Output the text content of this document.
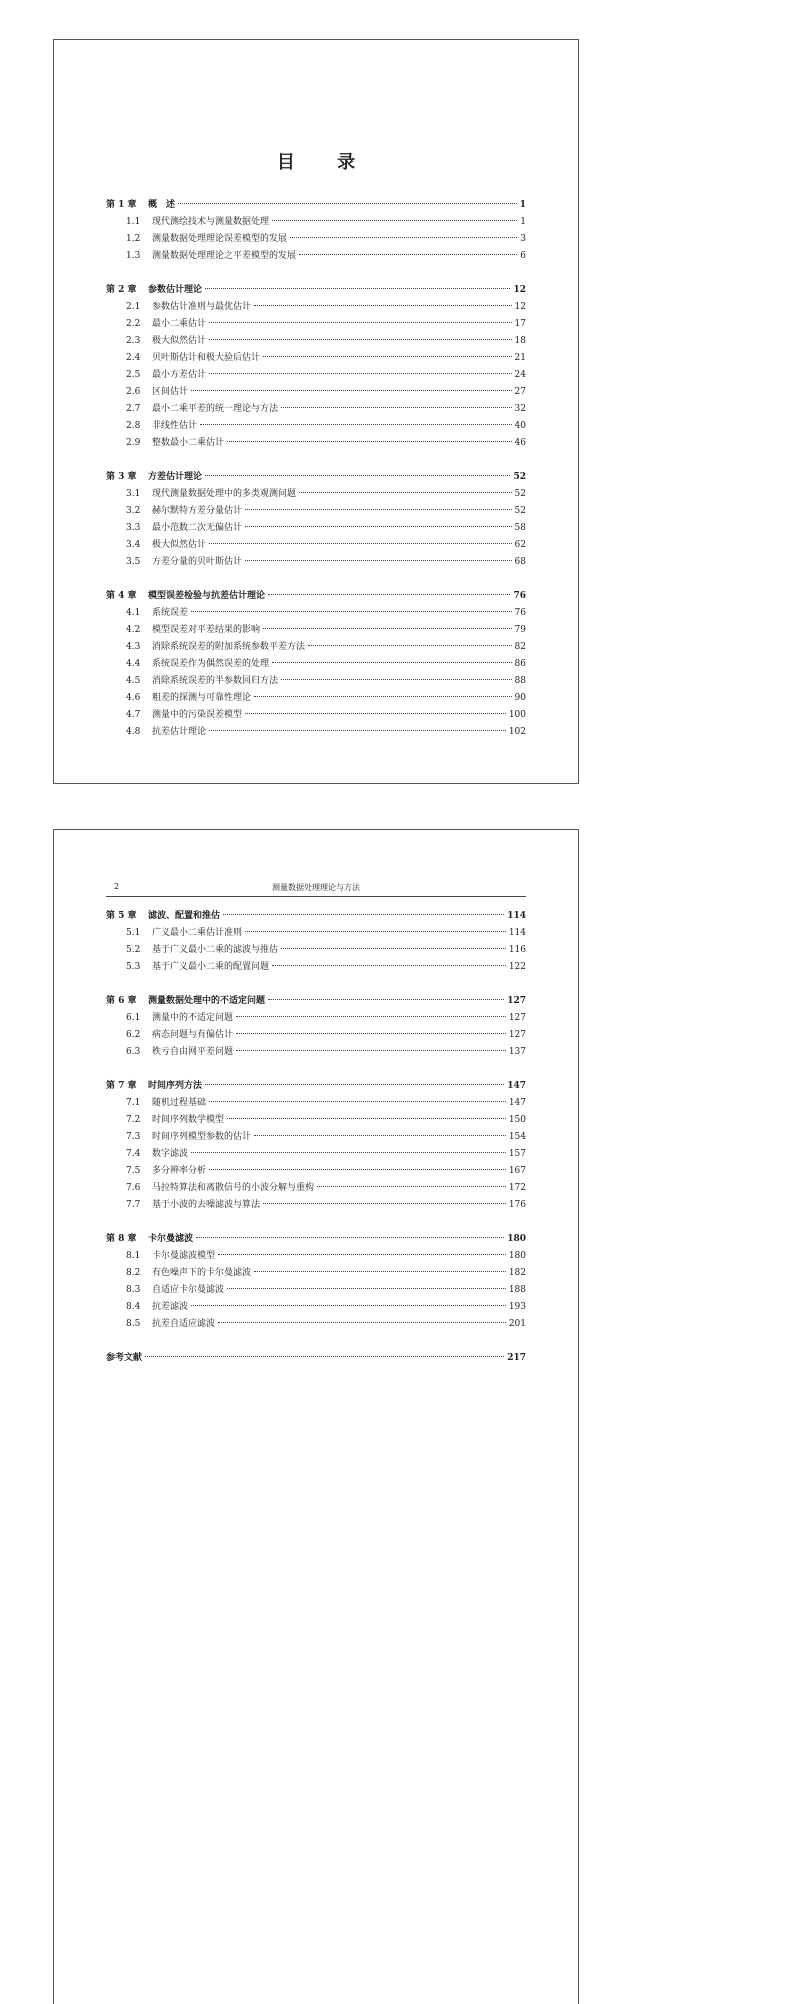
目 录
第 1 章	概　述	1
1.1	现代测绘技术与测量数据处理	1
1.2	测量数据处理理论误差模型的发展	3
1.3	测量数据处理理论之平差模型的发展	6
第 2 章	参数估计理论	12
2.1	参数估计准则与最优估计	12
2.2	最小二乘估计	17
2.3	极大似然估计	18
2.4	贝叶斯估计和极大验后估计	21
2.5	最小方差估计	24
2.6	区间估计	27
2.7	最小二乘平差的统一理论与方法	32
2.8	非线性估计	40
2.9	整数最小二乘估计	46
第 3 章	方差估计理论	52
3.1	现代测量数据处理中的多类观测问题	52
3.2	赫尔默特方差分量估计	52
3.3	最小范数二次无偏估计	58
3.4	极大似然估计	62
3.5	方差分量的贝叶斯估计	68
第 4 章	模型误差检验与抗差估计理论	76
4.1	系统误差	76
4.2	模型误差对平差结果的影响	79
4.3	消除系统误差的附加系统参数平差方法	82
4.4	系统误差作为偶然误差的处理	86
4.5	消除系统误差的半参数回归方法	88
4.6	粗差的探测与可靠性理论	90
4.7	测量中的污染误差模型	100
4.8	抗差估计理论	102
2	测量数据处理理论与方法
第 5 章	滤波、配置和推估	114
5.1	广义最小二乘估计准则	114
5.2	基于广义最小二乘的滤波与推估	116
5.3	基于广义最小二乘的配置问题	122
第 6 章	测量数据处理中的不适定问题	127
6.1	测量中的不适定问题	127
6.2	病态问题与有偏估计	127
6.3	秩亏自由网平差问题	137
第 7 章	时间序列方法	147
7.1	随机过程基础	147
7.2	时间序列数学模型	150
7.3	时间序列模型参数的估计	154
7.4	数字滤波	157
7.5	多分辨率分析	167
7.6	马拉特算法和离散信号的小波分解与重构	172
7.7	基于小波的去噪滤波与算法	176
第 8 章	卡尔曼滤波	180
8.1	卡尔曼滤波模型	180
8.2	有色噪声下的卡尔曼滤波	182
8.3	自适应卡尔曼滤波	188
8.4	抗差滤波	193
8.5	抗差自适应滤波	201
参考文献	217
